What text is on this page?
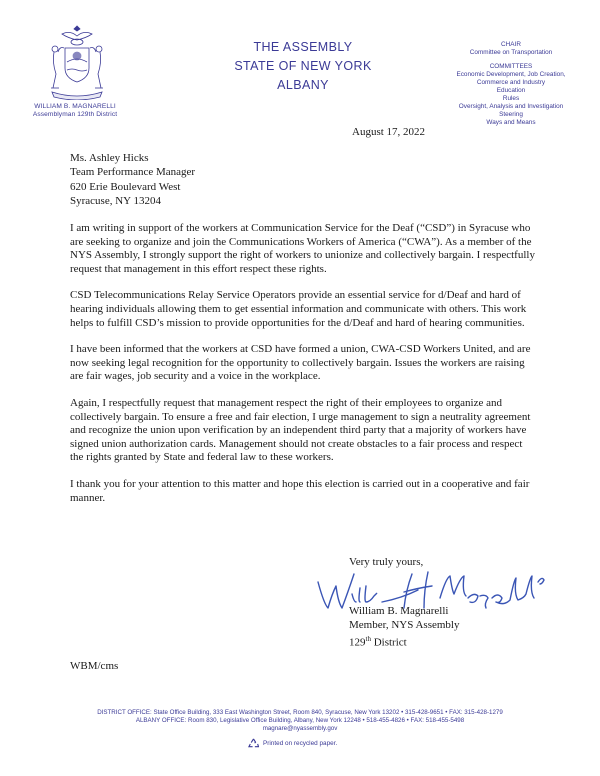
WILLIAM B. MAGNARELLI
Assemblyman 129th District
THE ASSEMBLY
STATE OF NEW YORK
ALBANY
CHAIR
Committee on Transportation
COMMITTEES
Economic Development, Job Creation,
Commerce and Industry
Education
Rules
Oversight, Analysis and Investigation
Steering
Ways and Means
August 17, 2022
Ms. Ashley Hicks
Team Performance Manager
620 Erie Boulevard West
Syracuse, NY 13204

I am writing in support of the workers at Communication Service for the Deaf (“CSD”) in Syracuse who are seeking to organize and join the Communications Workers of America (“CWA”). As a member of the NYS Assembly, I strongly support the right of workers to unionize and collectively bargain. I respectfully request that management in this effort respect these rights.

CSD Telecommunications Relay Service Operators provide an essential service for d/Deaf and hard of hearing individuals allowing them to get essential information and communicate with others. This work helps to fulfill CSD’s mission to provide opportunities for the d/Deaf and hard of hearing communities.

I have been informed that the workers at CSD have formed a union, CWA-CSD Workers United, and are now seeking legal recognition for the opportunity to collectively bargain. Issues the workers are raising are fair wages, job security and a voice in the workplace.

Again, I respectfully request that management respect the right of their employees to organize and collectively bargain. To ensure a free and fair election, I urge management to sign a neutrality agreement and recognize the union upon verification by an independent third party that a majority of workers have signed union authorization cards. Management should not create obstacles to a fair process and respect the rights granted by State and federal law to these workers.

I thank you for your attention to this matter and hope this election is carried out in a cooperative and fair manner.

Very truly yours,
William B. Magnarelli
Member, NYS Assembly
129th District
WBM/cms
DISTRICT OFFICE: State Office Building, 333 East Washington Street, Room 840, Syracuse, New York 13202 • 315-428-9651 • FAX: 315-428-1279
ALBANY OFFICE: Room 830, Legislative Office Building, Albany, New York 12248 • 518-455-4826 • FAX: 518-455-5498
magnare@nyassembly.gov
Printed on recycled paper.
